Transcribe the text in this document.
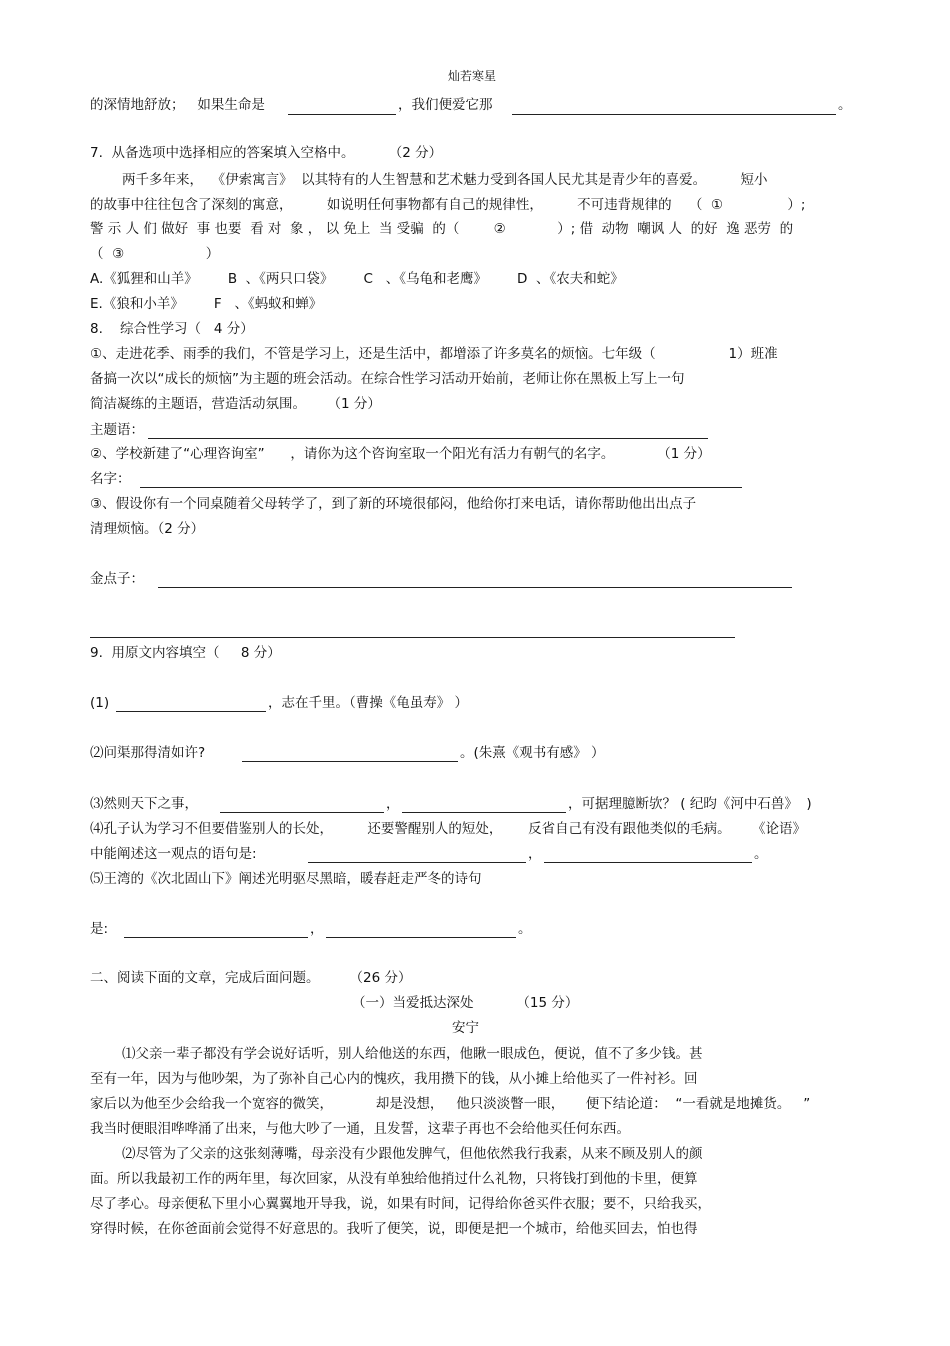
灿若寒星
的深情地舒放；   如果生命是	，我们便爱它那	。
7.  从备选项中选择相应的答案填入空格中。        （2 分）
两千多年来，  《伊索寓言》  以其特有的人生智慧和艺术魅力受到各国人民尤其是青少年的喜爱。        短小
的故事中往往包含了深刻的寓意，        如说明任何事物都有自己的规律性，        不可违背规律的    （  ①               ）;
警 示 人 们 做好  事 也要  看 对  象 ， 以 免上  当 受骗  的（        ②            ）; 借  动物  嘲讽 人  的好  逸 恶劳  的
（  ③                   ）
A.《狐狸和山羊》       B  、《两只口袋》       C   、《乌龟和老鹰》       D  、《农夫和蛇》
E.《狼和小羊》       F   、《蚂蚁和蝉》
8.    综合性学习（   4 分）
①、走进花季、雨季的我们，不管是学习上，还是生活中，都增添了许多莫名的烦恼。七年级（                 1）班准
备搞一次以“成长的烦恼”为主题的班会活动。在综合性学习活动开始前，老师让你在黑板上写上一句
简洁凝练的主题语，营造活动氛围。     （1 分）
主题语：
②、学校新建了“心理咨询室”      ，请你为这个咨询室取一个阳光有活力有朝气的名字。          （1 分）
名字：
③、假设你有一个同桌随着父母转学了，到了新的环境很郁闷，他给你打来电话，请你帮助他出出点子
清理烦恼。（2 分）
金点子：
9.  用原文内容填空（     8 分）
(1)	，志在千里。（曹操《龟虽寿》 ）
⑵问渠那得清如许?	。(朱熹《观书有感》 ）
⑶然则天下之事，	，	，可据理臆断欤？ ( 纪昀《河中石兽》  )
⑷孔子认为学习不但要借鉴别人的长处，        还要警醒别人的短处，      反省自己有没有跟他类似的毛病。     《论语》
中能阐述这一观点的语句是:	，	。
⑸王湾的《次北固山下》阐述光明驱尽黑暗，暖春赶走严冬的诗句
是:	，	。
二、阅读下面的文章，完成后面问题。       （26 分）
（一）当爱抵达深处          （15 分）
安宁
⑴父亲一辈子都没有学会说好话听，别人给他送的东西，他瞅一眼成色，便说，值不了多少钱。甚
至有一年，因为与他吵架，为了弥补自己心内的愧疚，我用攒下的钱，从小摊上给他买了一件衬衫。回
家后以为他至少会给我一个宽容的微笑，          却是没想，   他只淡淡瞥一眼，     便下结论道：  “一看就是地摊货。   ”
我当时便眼泪哗哗涌了出来，与他大吵了一通，且发誓，这辈子再也不会给他买任何东西。
⑵尽管为了父亲的这张刻薄嘴，母亲没有少跟他发脾气，但他依然我行我素，从来不顾及别人的颜
面。所以我最初工作的两年里，每次回家，从没有单独给他捎过什么礼物，只将钱打到他的卡里，便算
尽了孝心。母亲便私下里小心翼翼地开导我，说，如果有时间，记得给你爸买件衣服；要不，只给我买，
穿得时候，在你爸面前会觉得不好意思的。我听了便笑，说，即便是把一个城市，给他买回去，怕也得
